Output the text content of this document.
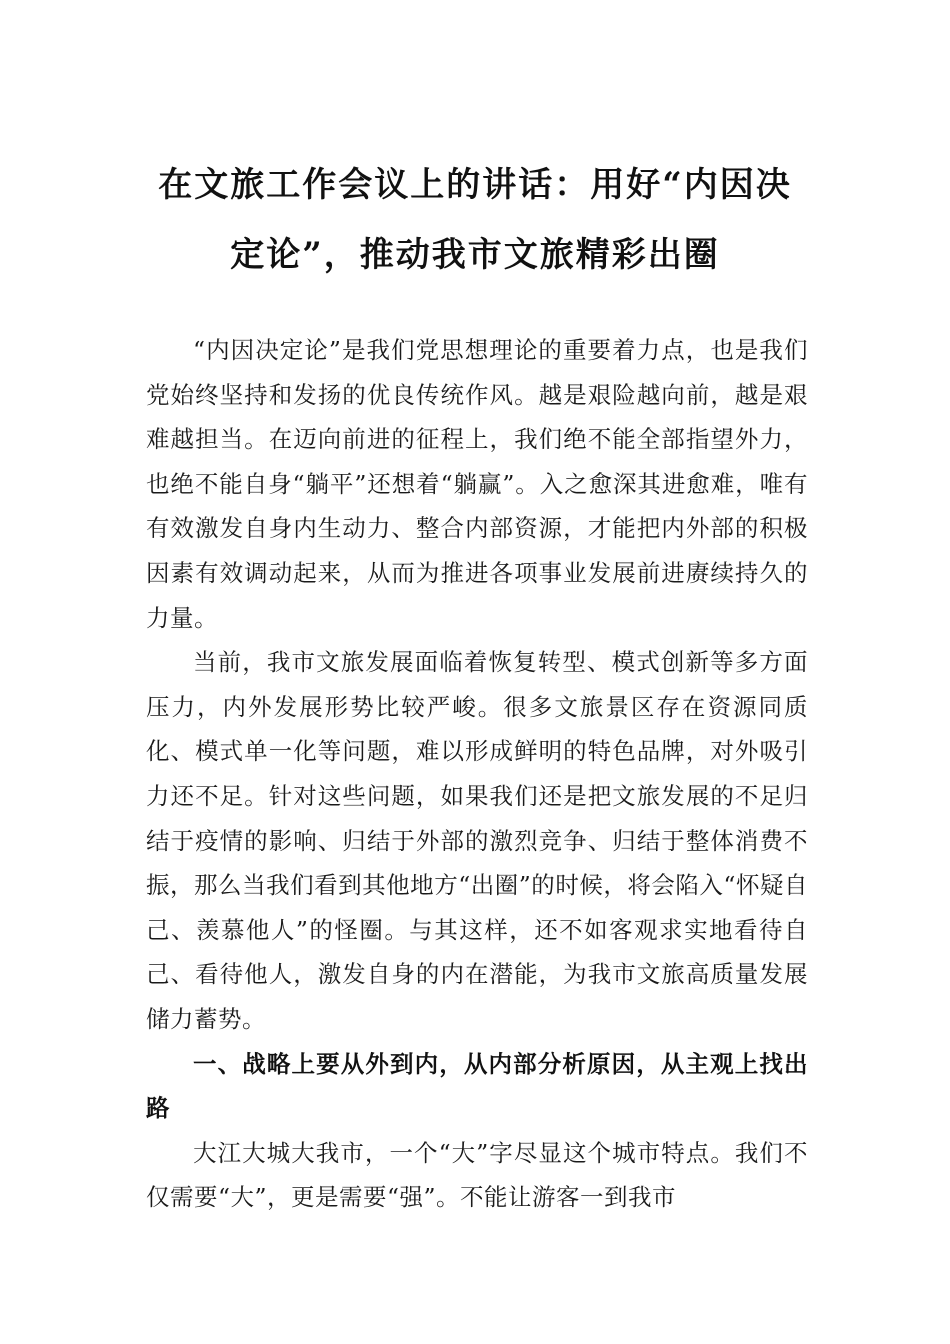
在文旅工作会议上的讲话：用好“内因决
定论”，推动我市文旅精彩出圈

“内因决定论”是我们党思想理论的重要着力点，也是我们党始终坚持和发扬的优良传统作风。越是艰险越向前，越是艰难越担当。在迈向前进的征程上，我们绝不能全部指望外力，也绝不能自身“躺平”还想着“躺赢”。入之愈深其进愈难，唯有有效激发自身内生动力、整合内部资源，才能把内外部的积极因素有效调动起来，从而为推进各项事业发展前进赓续持久的力量。

当前，我市文旅发展面临着恢复转型、模式创新等多方面压力，内外发展形势比较严峻。很多文旅景区存在资源同质化、模式单一化等问题，难以形成鲜明的特色品牌，对外吸引力还不足。针对这些问题，如果我们还是把文旅发展的不足归结于疫情的影响、归结于外部的激烈竞争、归结于整体消费不振，那么当我们看到其他地方“出圈”的时候，将会陷入“怀疑自己、羡慕他人”的怪圈。与其这样，还不如客观求实地看待自己、看待他人，激发自身的内在潜能，为我市文旅高质量发展储力蓄势。

一、战略上要从外到内，从内部分析原因，从主观上找出路

大江大城大我市，一个“大”字尽显这个城市特点。我们不仅需要“大”，更是需要“强”。不能让游客一到我市
